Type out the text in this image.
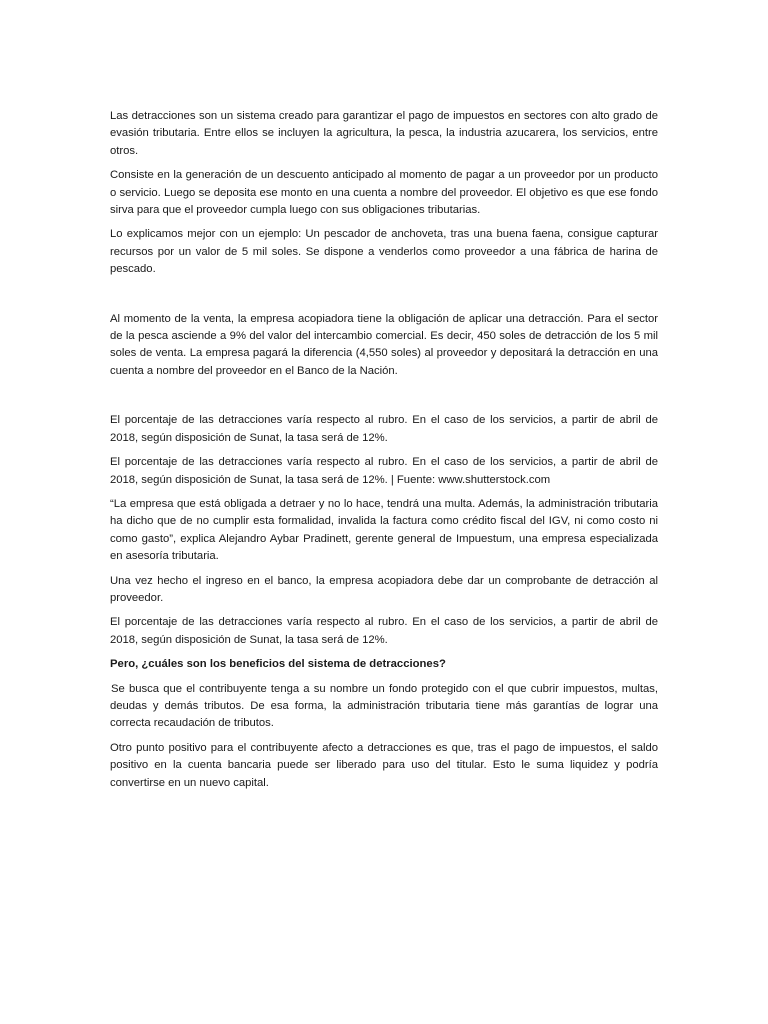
Las detracciones son un sistema creado para garantizar el pago de impuestos en sectores con alto grado de evasión tributaria. Entre ellos se incluyen la agricultura, la pesca, la industria azucarera, los servicios, entre otros.

Consiste en la generación de un descuento anticipado al momento de pagar a un proveedor por un producto o servicio. Luego se deposita ese monto en una cuenta a nombre del proveedor. El objetivo es que ese fondo sirva para que el proveedor cumpla luego con sus obligaciones tributarias.

Lo explicamos mejor con un ejemplo: Un pescador de anchoveta, tras una buena faena, consigue capturar recursos por un valor de 5 mil soles. Se dispone a venderlos como proveedor a una fábrica de harina de pescado.

Al momento de la venta, la empresa acopiadora tiene la obligación de aplicar una detracción. Para el sector de la pesca asciende a 9% del valor del intercambio comercial. Es decir, 450 soles de detracción de los 5 mil soles de venta. La empresa pagará la diferencia (4,550 soles) al proveedor y depositará la detracción en una cuenta a nombre del proveedor en el Banco de la Nación.

El porcentaje de las detracciones varía respecto al rubro. En el caso de los servicios, a partir de abril de 2018, según disposición de Sunat, la tasa será de 12%.

El porcentaje de las detracciones varía respecto al rubro. En el caso de los servicios, a partir de abril de 2018, según disposición de Sunat, la tasa será de 12%. | Fuente: www.shutterstock.com

“La empresa que está obligada a detraer y no lo hace, tendrá una multa. Además, la administración tributaria ha dicho que de no cumplir esta formalidad, invalida la factura como crédito fiscal del IGV, ni como costo ni como gasto”, explica Alejandro Aybar Pradinett, gerente general de Impuestum, una empresa especializada en asesoría tributaria.

Una vez hecho el ingreso en el banco, la empresa acopiadora debe dar un comprobante de detracción al proveedor.

El porcentaje de las detracciones varía respecto al rubro. En el caso de los servicios, a partir de abril de 2018, según disposición de Sunat, la tasa será de 12%.

Pero, ¿cuáles son los beneficios del sistema de detracciones?

Se busca que el contribuyente tenga a su nombre un fondo protegido con el que cubrir impuestos, multas, deudas y demás tributos. De esa forma, la administración tributaria tiene más garantías de lograr una correcta recaudación de tributos.

Otro punto positivo para el contribuyente afecto a detracciones es que, tras el pago de impuestos, el saldo positivo en la cuenta bancaria puede ser liberado para uso del titular. Esto le suma liquidez y podría convertirse en un nuevo capital.
